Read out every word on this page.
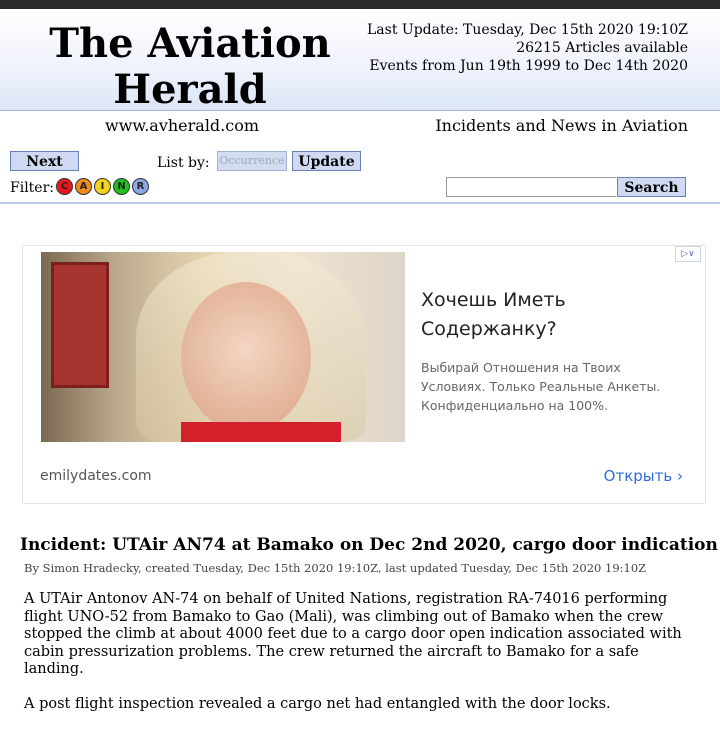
The Aviation
Herald
Last Update: Tuesday, Dec 15th 2020 19:10Z
26215 Articles available
Events from Jun 19th 1999 to Dec 14th 2020
www.avherald.com	Incidents and News in Aviation
Next	List by: Occurrence Update
Filter: C	A	I	N	R	Search
▷∨
Хочешь Иметь Содержанку?
Выбирай Отношения на Твоих Условиях. Только Реальные Анкеты. Конфиденциально на 100%.
emilydates.com	Открыть ›
Incident: UTAir AN74 at Bamako on Dec 2nd 2020, cargo door indication
By Simon Hradecky, created Tuesday, Dec 15th 2020 19:10Z, last updated Tuesday, Dec 15th 2020 19:10Z

A UTAir Antonov AN-74 on behalf of United Nations, registration RA-74016 performing flight UNO-52 from Bamako to Gao (Mali), was climbing out of Bamako when the crew stopped the climb at about 4000 feet due to a cargo door open indication associated with cabin pressurization problems. The crew returned the aircraft to Bamako for a safe landing.

A post flight inspection revealed a cargo net had entangled with the door locks.
